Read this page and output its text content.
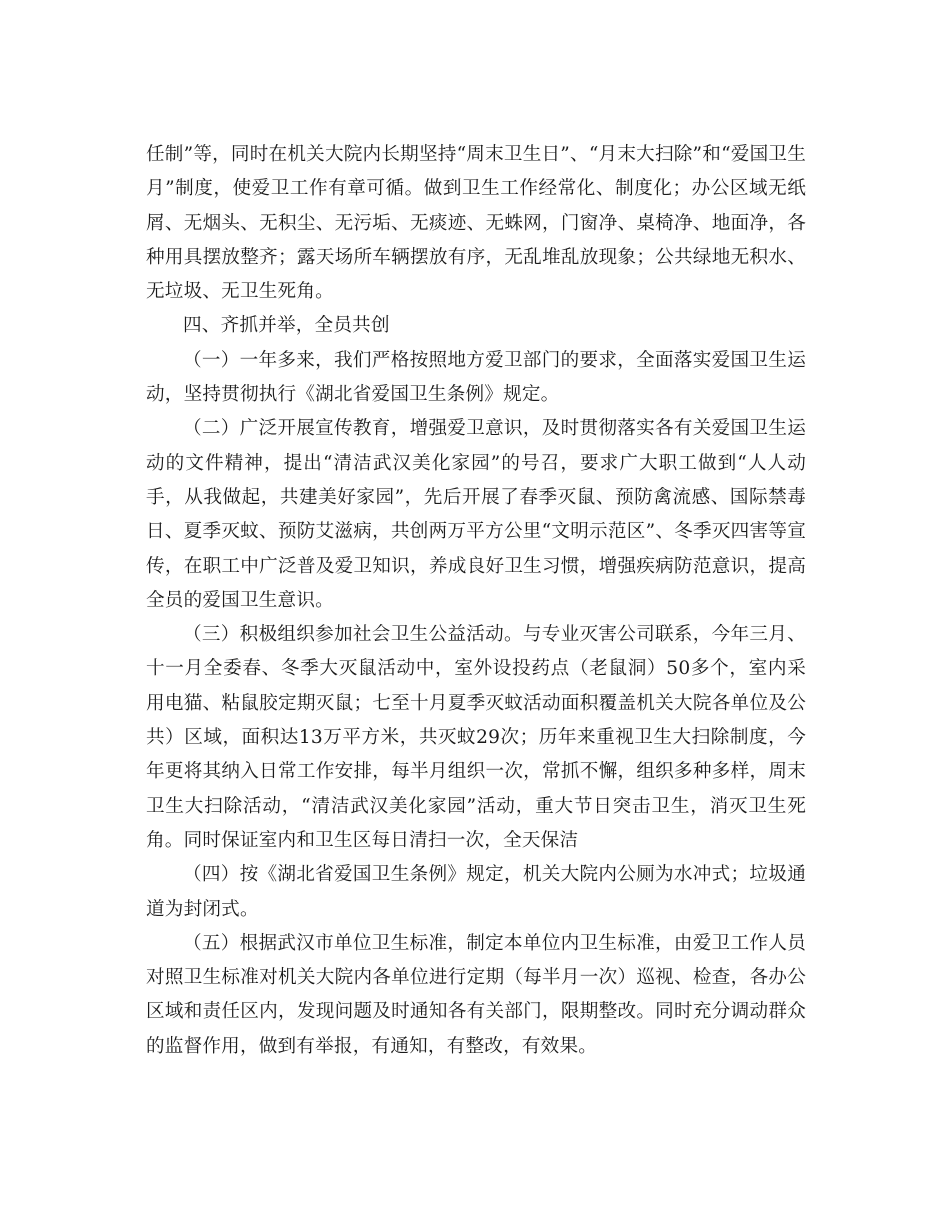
任制”等，同时在机关大院内长期坚持“周末卫生日”、“月末大扫除”和“爱国卫生月”制度，使爱卫工作有章可循。做到卫生工作经常化、制度化；办公区域无纸屑、无烟头、无积尘、无污垢、无痰迹、无蛛网，门窗净、桌椅净、地面净，各种用具摆放整齐；露天场所车辆摆放有序，无乱堆乱放现象；公共绿地无积水、无垃圾、无卫生死角。

四、齐抓并举，全员共创

（一）一年多来，我们严格按照地方爱卫部门的要求，全面落实爱国卫生运动，坚持贯彻执行《湖北省爱国卫生条例》规定。

（二）广泛开展宣传教育，增强爱卫意识，及时贯彻落实各有关爱国卫生运动的文件精神，提出“清洁武汉美化家园”的号召，要求广大职工做到“人人动手，从我做起，共建美好家园”，先后开展了春季灭鼠、预防禽流感、国际禁毒日、夏季灭蚊、预防艾滋病，共创两万平方公里“文明示范区”、冬季灭四害等宣传，在职工中广泛普及爱卫知识，养成良好卫生习惯，增强疾病防范意识，提高全员的爱国卫生意识。

（三）积极组织参加社会卫生公益活动。与专业灭害公司联系，今年三月、十一月全委春、冬季大灭鼠活动中，室外设投药点（老鼠洞）50多个，室内采用电猫、粘鼠胶定期灭鼠；七至十月夏季灭蚊活动面积覆盖机关大院各单位及公共）区域，面积达13万平方米，共灭蚊29次；历年来重视卫生大扫除制度，今年更将其纳入日常工作安排，每半月组织一次，常抓不懈，组织多种多样，周末卫生大扫除活动，“清洁武汉美化家园”活动，重大节日突击卫生，消灭卫生死角。同时保证室内和卫生区每日清扫一次，全天保洁

（四）按《湖北省爱国卫生条例》规定，机关大院内公厕为水冲式；垃圾通道为封闭式。

（五）根据武汉市单位卫生标准，制定本单位内卫生标准，由爱卫工作人员对照卫生标准对机关大院内各单位进行定期（每半月一次）巡视、检查，各办公区域和责任区内，发现问题及时通知各有关部门，限期整改。同时充分调动群众的监督作用，做到有举报，有通知，有整改，有效果。
